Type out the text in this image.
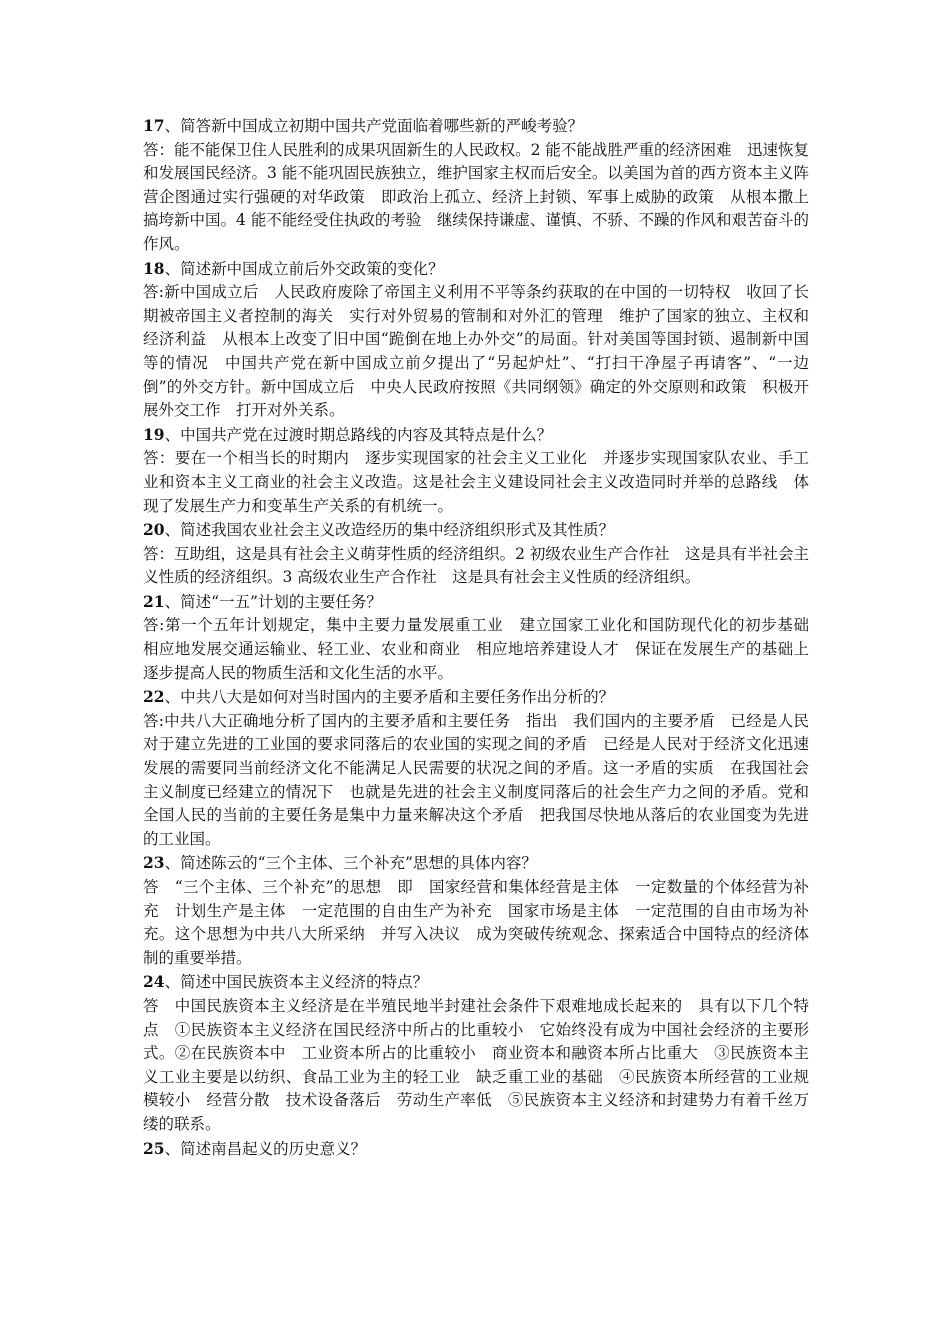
17、简答新中国成立初期中国共产党面临着哪些新的严峻考验？

答：能不能保卫住人民胜利的成果巩固新生的人民政权。2 能不能战胜严重的经济困难　迅速恢复和发展国民经济。3 能不能巩固民族独立，维护国家主权而后安全。以美国为首的西方资本主义阵营企图通过实行强硬的对华政策　即政治上孤立、经济上封锁、军事上威胁的政策　从根本撒上搞垮新中国。4 能不能经受住执政的考验　继续保持谦虚、谨慎、不骄、不躁的作风和艰苦奋斗的作风。

18、简述新中国成立前后外交政策的变化？

答:新中国成立后　人民政府废除了帝国主义利用不平等条约获取的在中国的一切特权　收回了长期被帝国主义者控制的海关　实行对外贸易的管制和对外汇的管理　维护了国家的独立、主权和经济利益　从根本上改变了旧中国“跪倒在地上办外交”的局面。针对美国等国封锁、遏制新中国等的情况　中国共产党在新中国成立前夕提出了“另起炉灶”、“打扫干净屋子再请客”、“一边倒”的外交方针。新中国成立后　中央人民政府按照《共同纲领》确定的外交原则和政策　积极开展外交工作　打开对外关系。

19、中国共产党在过渡时期总路线的内容及其特点是什么？

答：要在一个相当长的时期内　逐步实现国家的社会主义工业化　并逐步实现国家队农业、手工业和资本主义工商业的社会主义改造。这是社会主义建设同社会主义改造同时并举的总路线　体现了发展生产力和变革生产关系的有机统一。

20、简述我国农业社会主义改造经历的集中经济组织形式及其性质？

答：互助组，这是具有社会主义萌芽性质的经济组织。2 初级农业生产合作社　这是具有半社会主义性质的经济组织。3 高级农业生产合作社　这是具有社会主义性质的经济组织。

21、简述“一五”计划的主要任务？

答:第一个五年计划规定，集中主要力量发展重工业　建立国家工业化和国防现代化的初步基础　相应地发展交通运输业、轻工业、农业和商业　相应地培养建设人才　保证在发展生产的基础上逐步提高人民的物质生活和文化生活的水平。

22、中共八大是如何对当时国内的主要矛盾和主要任务作出分析的？

答:中共八大正确地分析了国内的主要矛盾和主要任务　指出　我们国内的主要矛盾　已经是人民对于建立先进的工业国的要求同落后的农业国的实现之间的矛盾　已经是人民对于经济文化迅速发展的需要同当前经济文化不能满足人民需要的状况之间的矛盾。这一矛盾的实质　在我国社会主义制度已经建立的情况下　也就是先进的社会主义制度同落后的社会生产力之间的矛盾。党和全国人民的当前的主要任务是集中力量来解决这个矛盾　把我国尽快地从落后的农业国变为先进的工业国。

23、简述陈云的“三个主体、三个补充”思想的具体内容？

答　“三个主体、三个补充”的思想　即　国家经营和集体经营是主体　一定数量的个体经营为补充　计划生产是主体　一定范围的自由生产为补充　国家市场是主体　一定范围的自由市场为补充。这个思想为中共八大所采纳　并写入决议　成为突破传统观念、探索适合中国特点的经济体制的重要举措。

24、简述中国民族资本主义经济的特点？

答　中国民族资本主义经济是在半殖民地半封建社会条件下艰难地成长起来的　具有以下几个特点　①民族资本主义经济在国民经济中所占的比重较小　它始终没有成为中国社会经济的主要形式。②在民族资本中　工业资本所占的比重较小　商业资本和融资本所占比重大　③民族资本主义工业主要是以纺织、食品工业为主的轻工业　缺乏重工业的基础　④民族资本所经营的工业规模较小　经营分散　技术设备落后　劳动生产率低　⑤民族资本主义经济和封建势力有着千丝万缕的联系。

25、简述南昌起义的历史意义？
